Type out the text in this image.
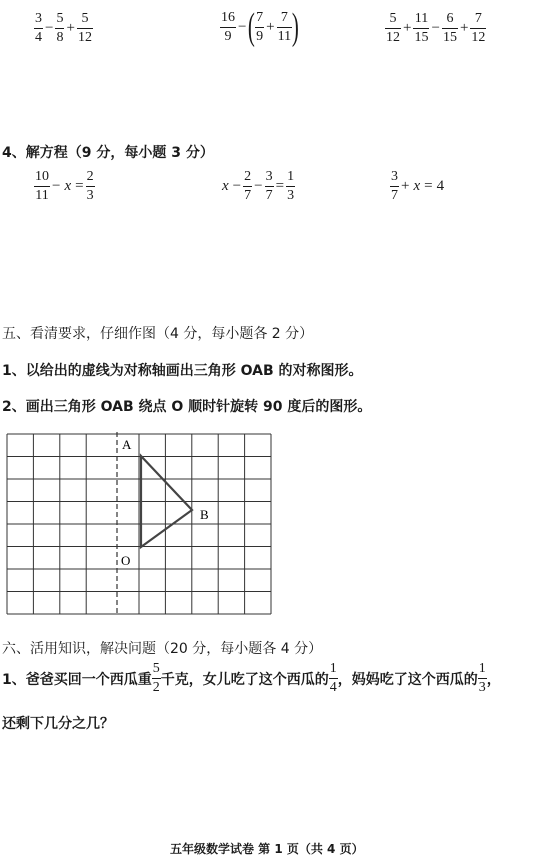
$\frac{3}{4} - \frac{5}{8} + \frac{5}{12}$	$\frac{16}{9}$ − ( $\frac{7}{9} + \frac{7}{11}$ )	$\frac{5}{12} + \frac{11}{15} - \frac{6}{15} + \frac{7}{12}$
4、解方程（9 分，每小题 3 分）
$\frac{10}{11} - x = \frac{2}{3}$	$x - \frac{2}{7} - \frac{3}{7} = \frac{1}{3}$	$\frac{3}{7} + x = 4$
五、看清要求，仔细作图（4 分，每小题各 2 分）
1、以给出的虚线为对称轴画出三角形 OAB 的对称图形。
2、画出三角形 OAB 绕点 O 顺时针旋转 90 度后的图形。
A
B
O
六、活用知识，解决问题（20 分，每小题各 4 分）
1、爸爸买回一个西瓜重 $\frac{5}{2}$ 千克，女儿吃了这个西瓜的 $\frac{1}{4}$ ，妈妈吃了这个西瓜的 $\frac{1}{3}$ ，
还剩下几分之几？
五年级数学试卷 第 1 页（共 4 页）
